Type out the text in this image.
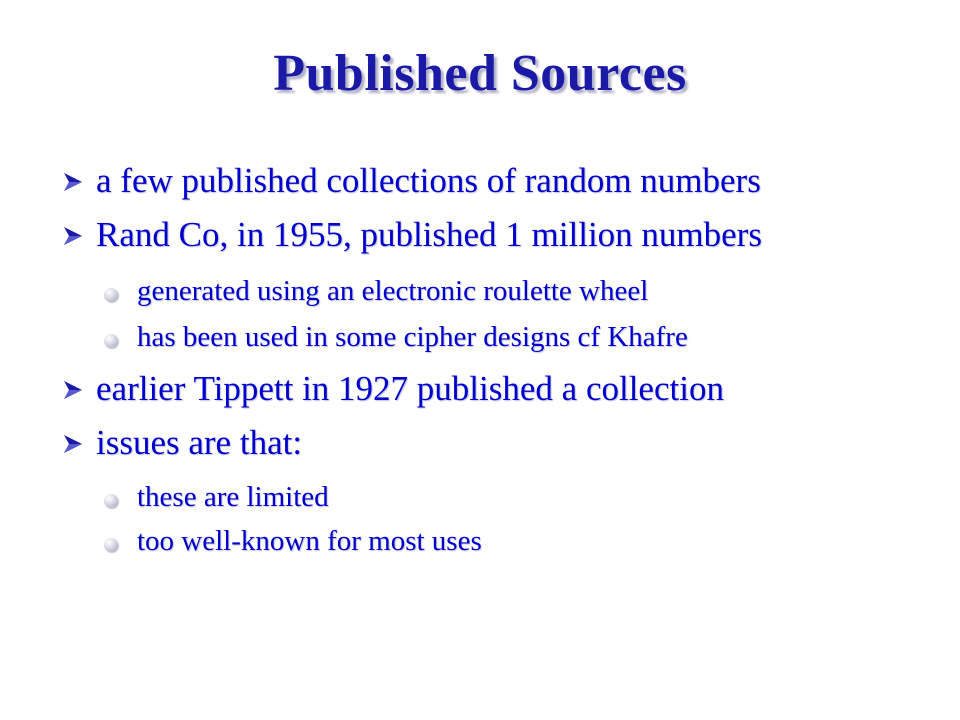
Published Sources
a few published collections of random numbers
Rand Co, in 1955, published 1 million numbers
generated using an electronic roulette wheel
has been used in some cipher designs cf Khafre
earlier Tippett in 1927 published a collection
issues are that:
these are limited
too well-known for most uses
